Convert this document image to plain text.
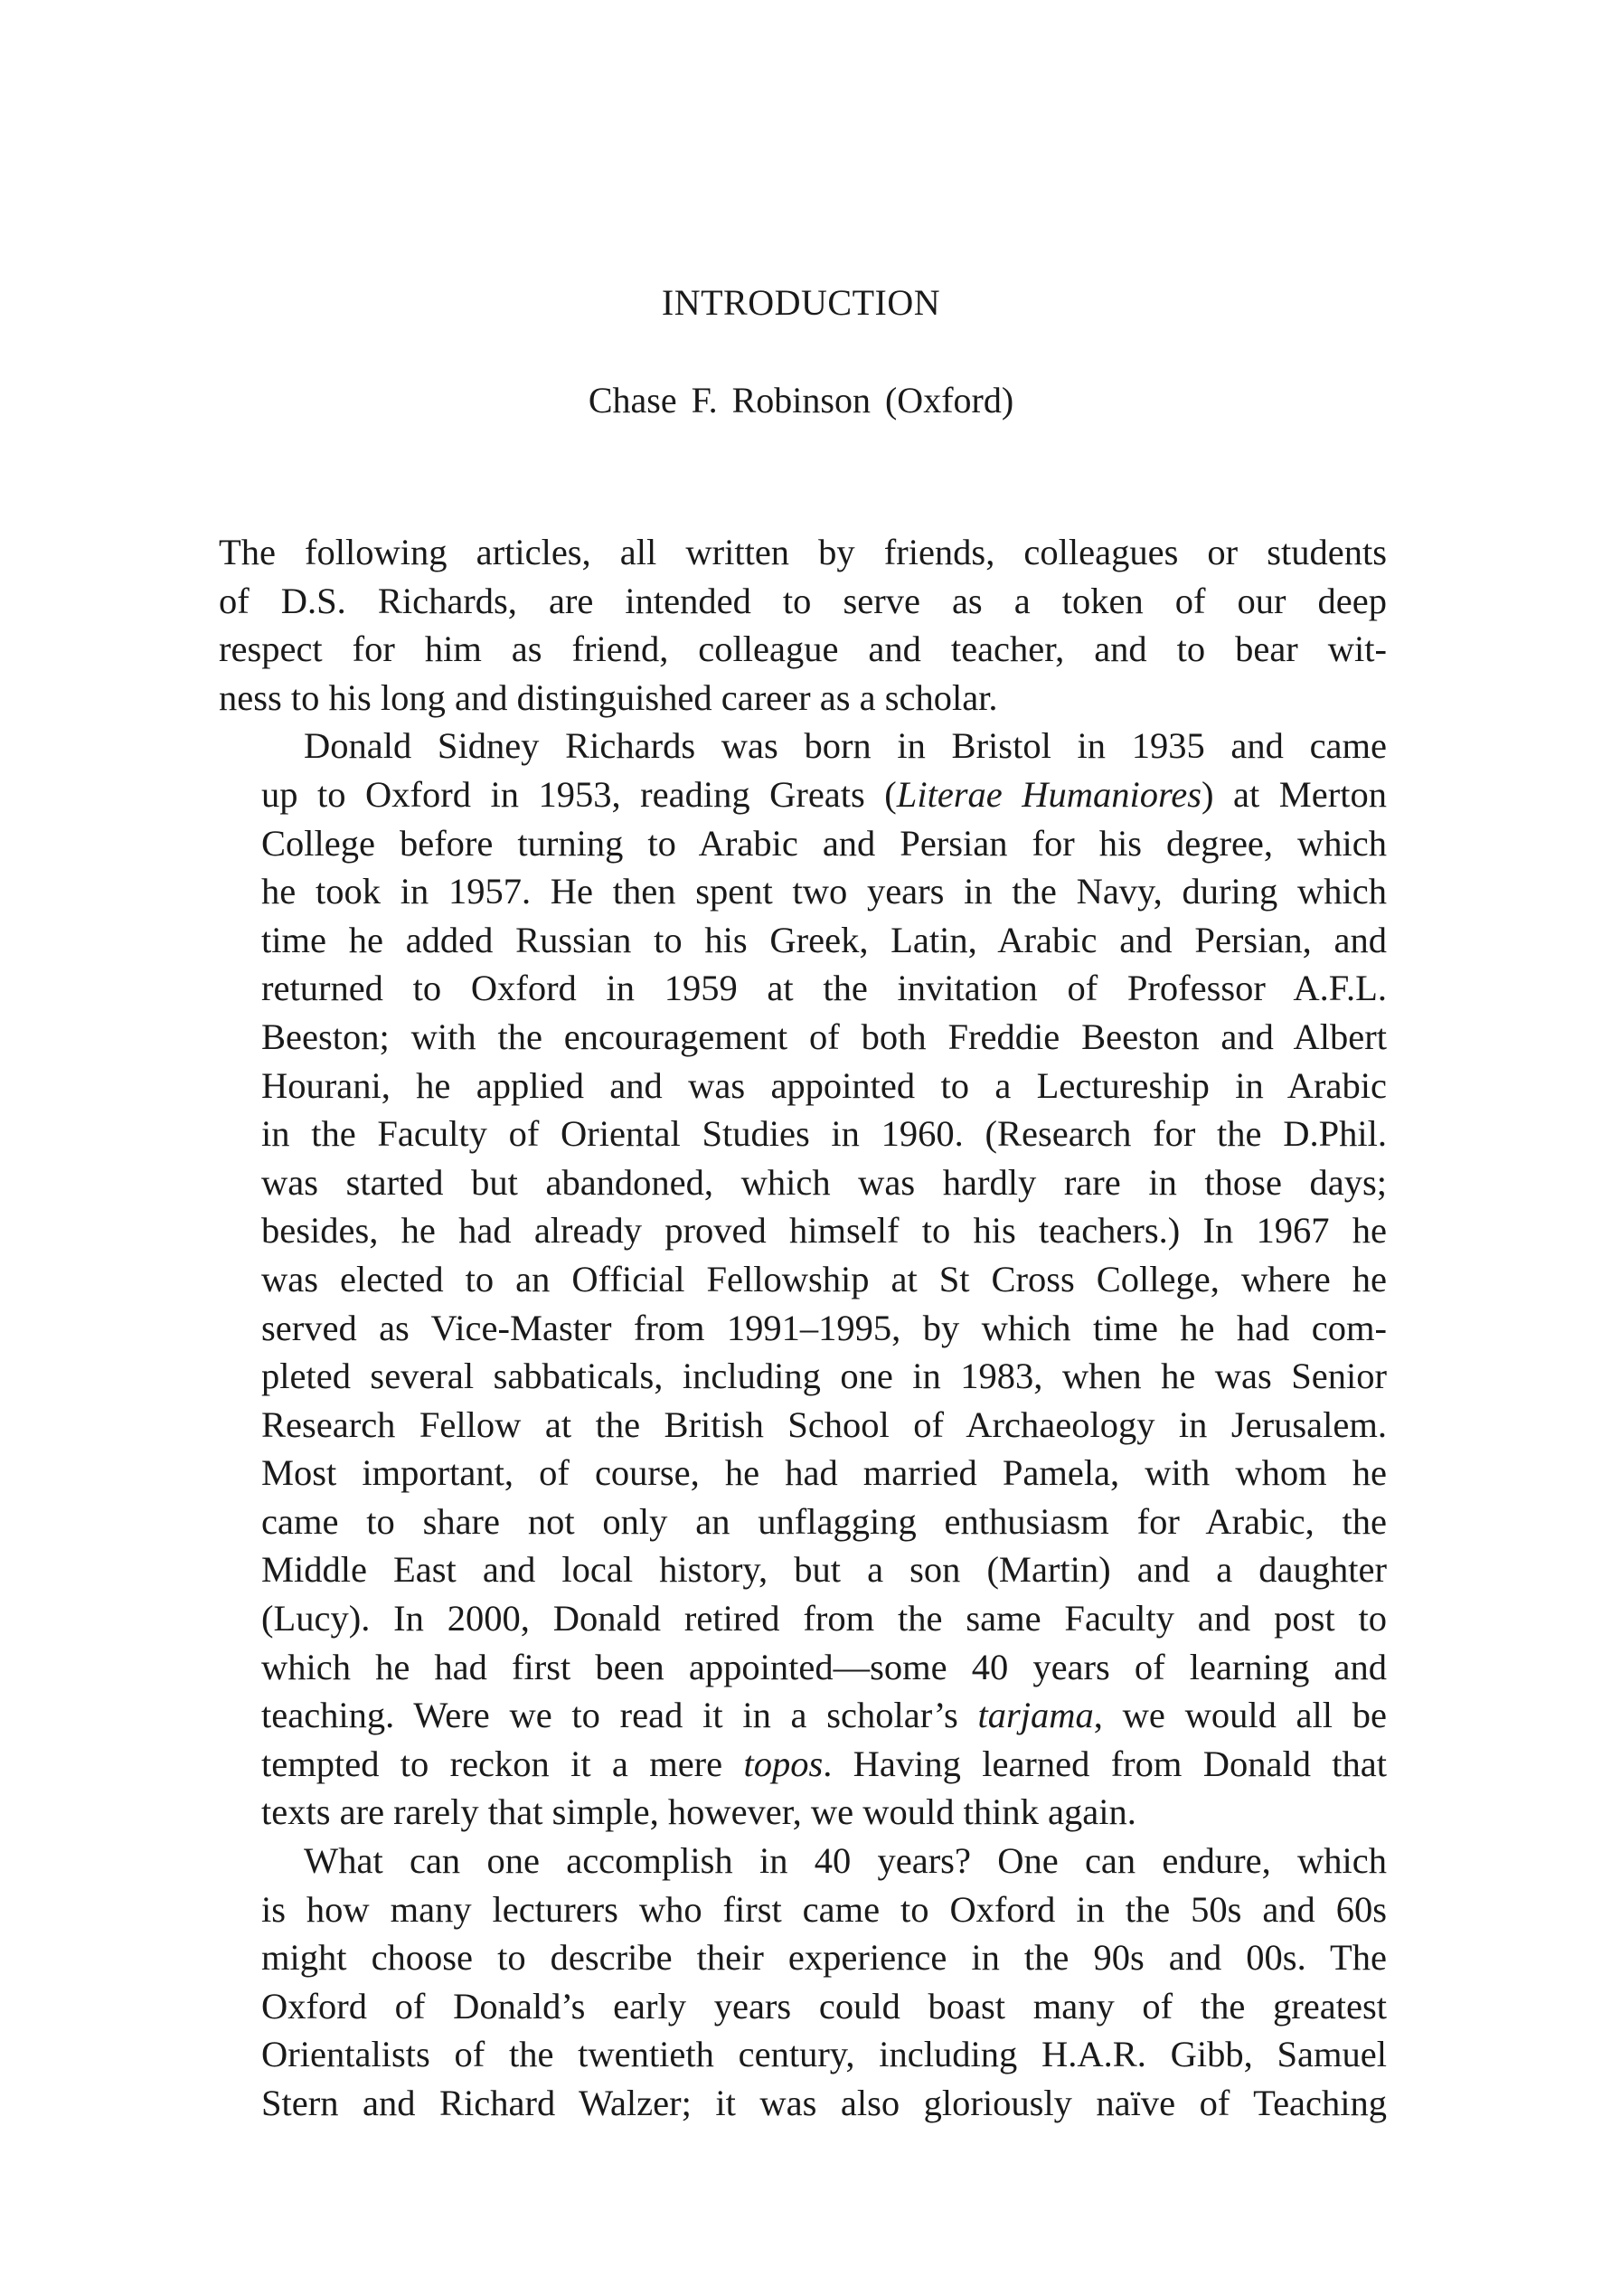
INTRODUCTION
Chase F. Robinson (Oxford)
The following articles, all written by friends, colleagues or students
of D.S. Richards, are intended to serve as a token of our deep
respect for him as friend, colleague and teacher, and to bear wit-
ness to his long and distinguished career as a scholar.
Donald Sidney Richards was born in Bristol in 1935 and came
up to Oxford in 1953, reading Greats (Literae Humaniores) at Merton
College before turning to Arabic and Persian for his degree, which
he took in 1957. He then spent two years in the Navy, during which
time he added Russian to his Greek, Latin, Arabic and Persian, and
returned to Oxford in 1959 at the invitation of Professor A.F.L.
Beeston; with the encouragement of both Freddie Beeston and Albert
Hourani, he applied and was appointed to a Lectureship in Arabic
in the Faculty of Oriental Studies in 1960. (Research for the D.Phil.
was started but abandoned, which was hardly rare in those days;
besides, he had already proved himself to his teachers.) In 1967 he
was elected to an Official Fellowship at St Cross College, where he
served as Vice-Master from 1991–1995, by which time he had com-
pleted several sabbaticals, including one in 1983, when he was Senior
Research Fellow at the British School of Archaeology in Jerusalem.
Most important, of course, he had married Pamela, with whom he
came to share not only an unflagging enthusiasm for Arabic, the
Middle East and local history, but a son (Martin) and a daughter
(Lucy). In 2000, Donald retired from the same Faculty and post to
which he had first been appointed—some 40 years of learning and
teaching. Were we to read it in a scholar’s tarjama, we would all be
tempted to reckon it a mere topos. Having learned from Donald that
texts are rarely that simple, however, we would think again.
What can one accomplish in 40 years? One can endure, which
is how many lecturers who first came to Oxford in the 50s and 60s
might choose to describe their experience in the 90s and 00s. The
Oxford of Donald’s early years could boast many of the greatest
Orientalists of the twentieth century, including H.A.R. Gibb, Samuel
Stern and Richard Walzer; it was also gloriously naïve of Teaching
